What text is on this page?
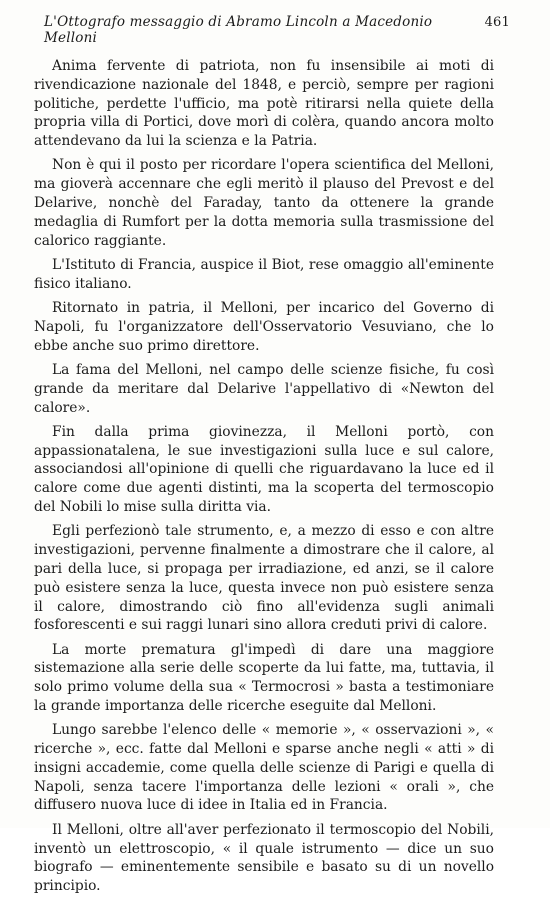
L'Ottografo messaggio di Abramo Lincoln a Macedonio Melloni
461

Anima fervente di patriota, non fu insensibile ai moti di rivendicazione nazionale del 1848, e perciò, sempre per ragioni politiche, perdette l'ufficio, ma potè ritirarsi nella quiete della propria villa di Portici, dove morì di colèra, quando ancora molto attendevano da lui la scienza e la Patria.

Non è qui il posto per ricordare l'opera scientifica del Melloni, ma gioverà accennare che egli meritò il plauso del Prevost e del Delarive, nonchè del Faraday, tanto da ottenere la grande medaglia di Rumfort per la dotta memoria sulla trasmissione del calorico raggiante.

L'Istituto di Francia, auspice il Biot, rese omaggio all'eminente fisico italiano.

Ritornato in patria, il Melloni, per incarico del Governo di Napoli, fu l'organizzatore dell'Osservatorio Vesuviano, che lo ebbe anche suo primo direttore.

La fama del Melloni, nel campo delle scienze fisiche, fu così grande da meritare dal Delarive l'appellativo di «Newton del calore».

Fin dalla prima giovinezza, il Melloni portò, con appassionatalena, le sue investigazioni sulla luce e sul calore, associandosi all'opinione di quelli che riguardavano la luce ed il calore come due agenti distinti, ma la scoperta del termoscopio del Nobili lo mise sulla diritta via.

Egli perfezionò tale strumento, e, a mezzo di esso e con altre investigazioni, pervenne finalmente a dimostrare che il calore, al pari della luce, si propaga per irradiazione, ed anzi, se il calore può esistere senza la luce, questa invece non può esistere senza il calore, dimostrando ciò fino all'evidenza sugli animali fosforescenti e sui raggi lunari sino allora creduti privi di calore.

La morte prematura gl'impedì di dare una maggiore sistemazione alla serie delle scoperte da lui fatte, ma, tuttavia, il solo primo volume della sua « Termocrosi » basta a testimoniare la grande importanza delle ricerche eseguite dal Melloni.

Lungo sarebbe l'elenco delle « memorie », « osservazioni », « ricerche », ecc. fatte dal Melloni e sparse anche negli « atti » di insigni accademie, come quella delle scienze di Parigi e quella di Napoli, senza tacere l'importanza delle lezioni « orali », che diffusero nuova luce di idee in Italia ed in Francia.

Il Melloni, oltre all'aver perfezionato il termoscopio del Nobili, inventò un elettroscopio, « il quale istrumento — dice un suo biografo — eminentemente sensibile e basato su di un novello principio.
